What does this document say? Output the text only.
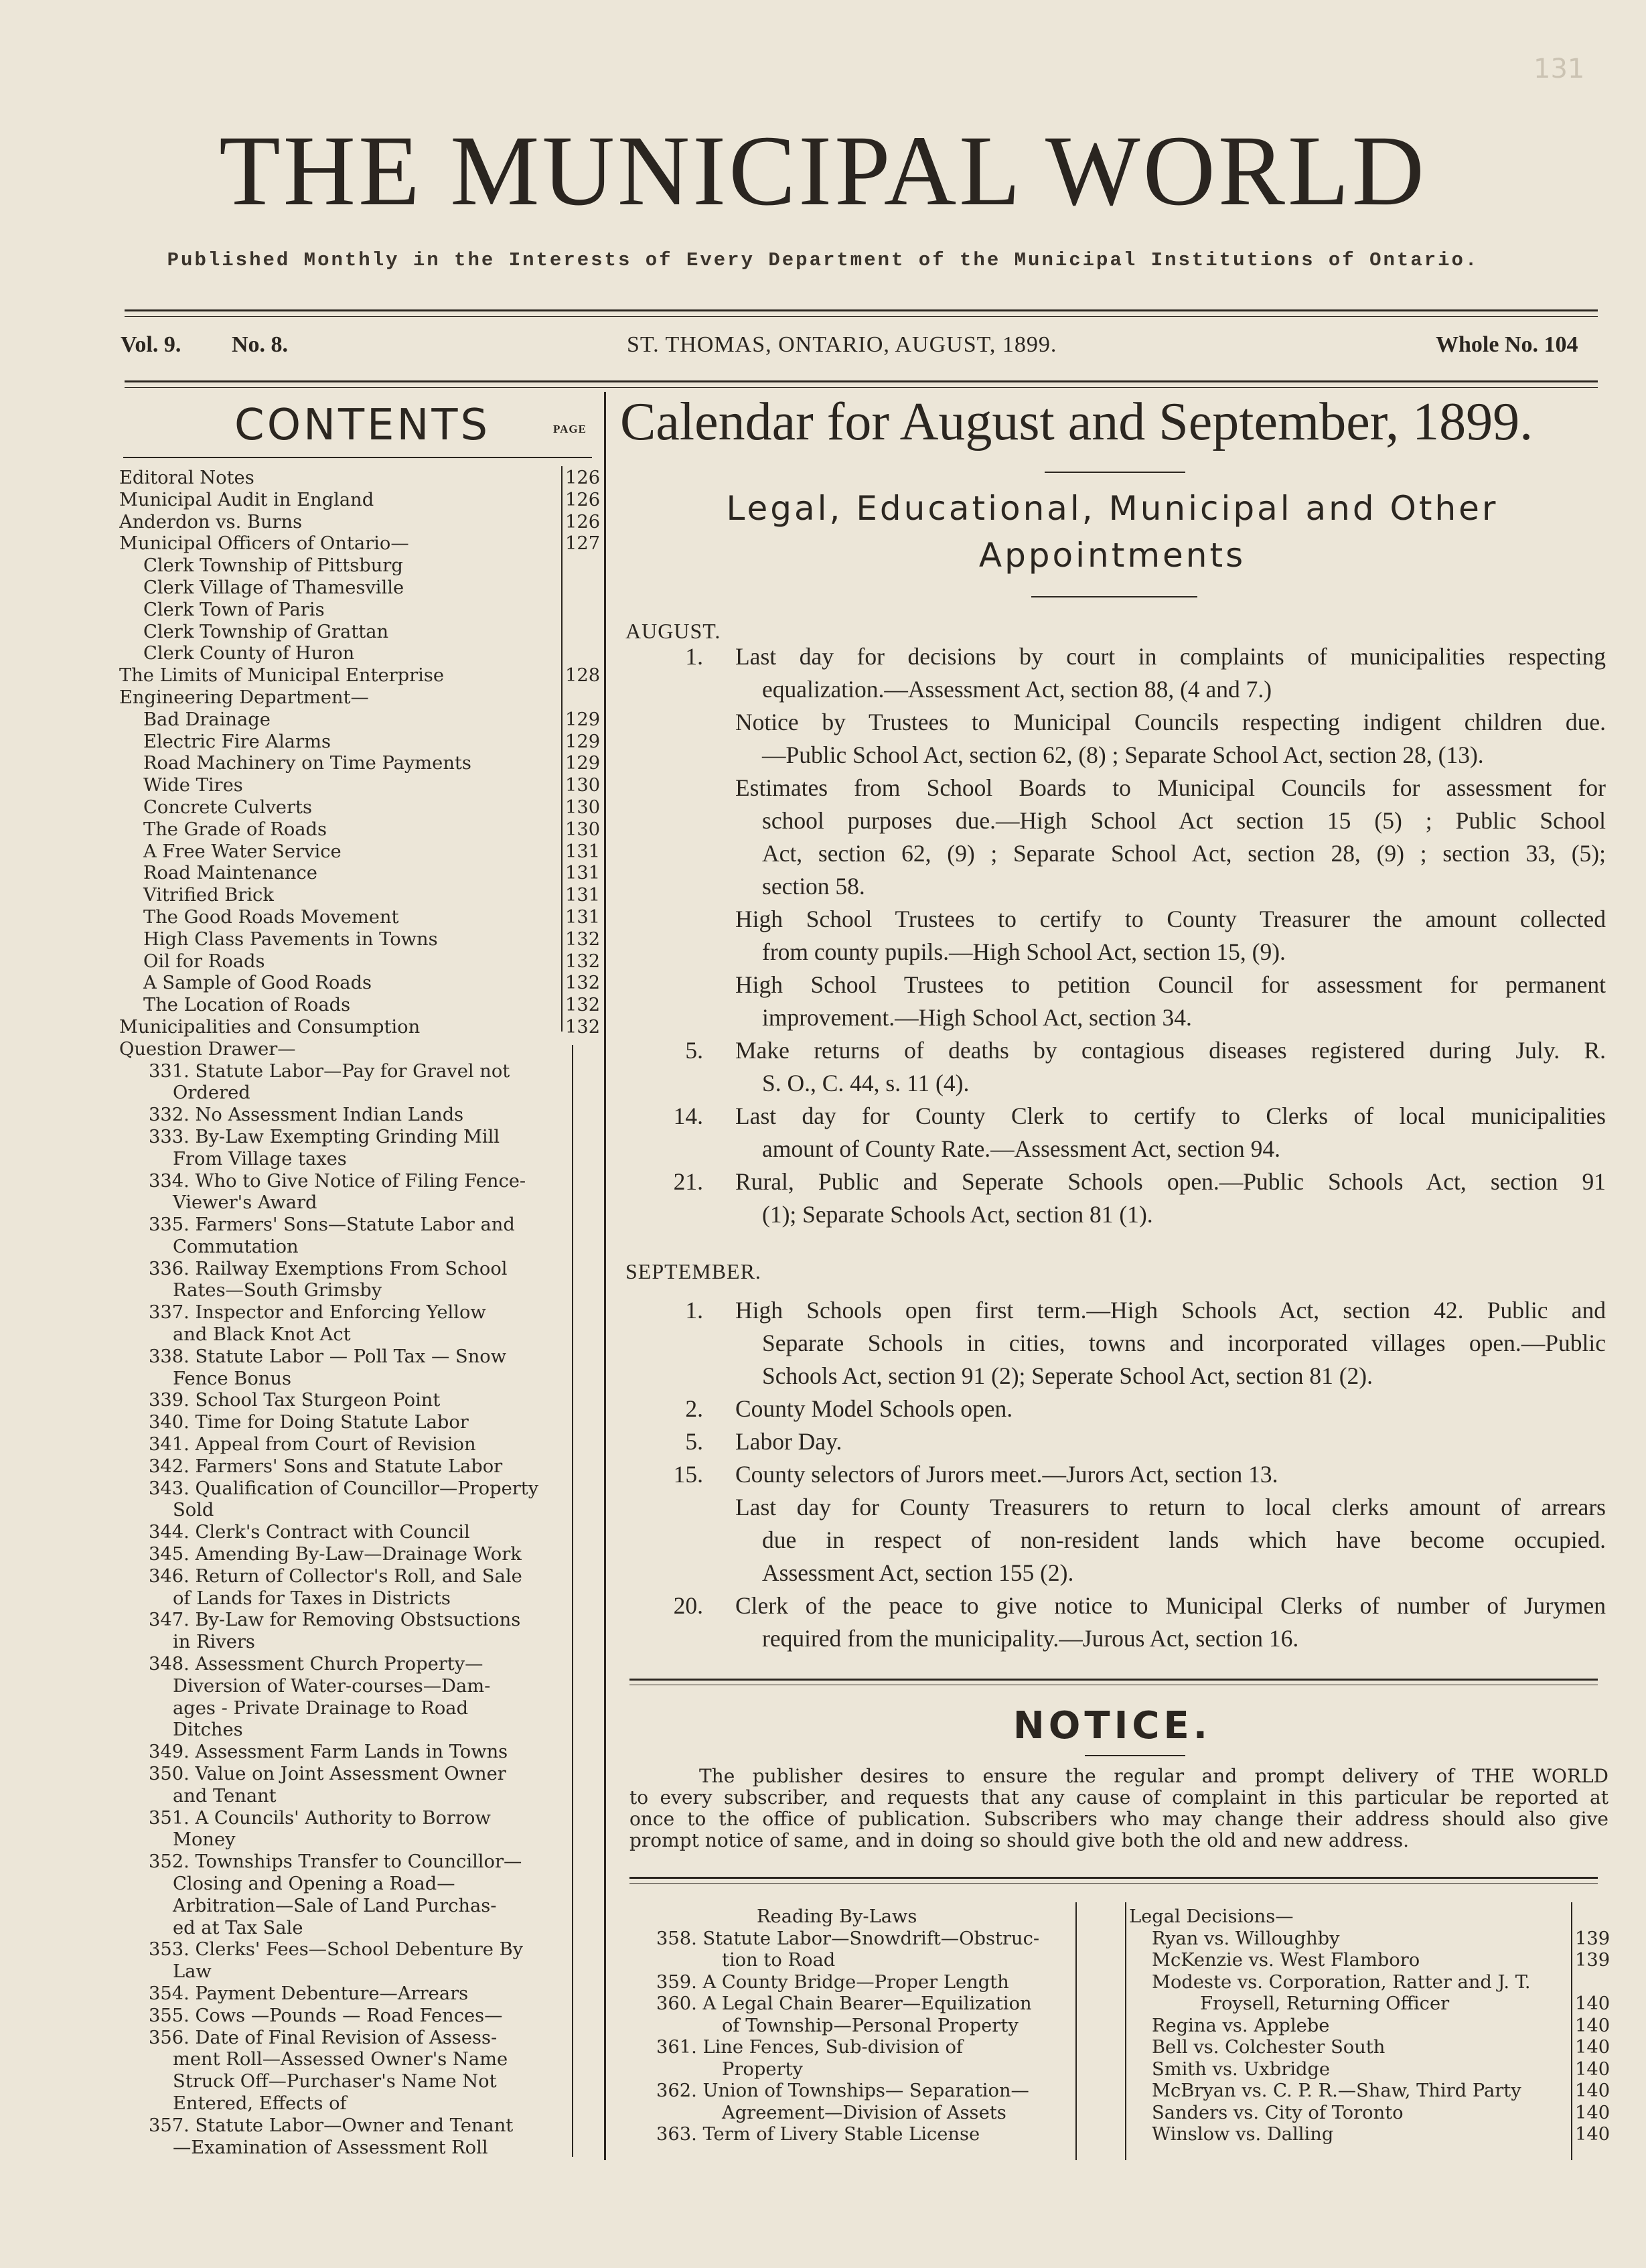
131
THE MUNICIPAL WORLD
Published Monthly in the Interests of Every Department of the Municipal Institutions of Ontario.
Vol. 9. No. 8.	ST. THOMAS, ONTARIO, AUGUST, 1899.	Whole No. 104
CONTENTS	PAGE
Editoral Notes	126
Municipal Audit in England	126
Anderdon vs. Burns	126
Municipal Officers of Ontario—	127
Clerk Township of Pittsburg
Clerk Village of Thamesville
Clerk Town of Paris
Clerk Township of Grattan
Clerk County of Huron
The Limits of Municipal Enterprise	128
Engineering Department—
Bad Drainage	129
Electric Fire Alarms	129
Road Machinery on Time Payments	129
Wide Tires	130
Concrete Culverts	130
The Grade of Roads	130
A Free Water Service	131
Road Maintenance	131
Vitrified Brick	131
The Good Roads Movement	131
High Class Pavements in Towns	132
Oil for Roads	132
A Sample of Good Roads	132
The Location of Roads	132
Municipalities and Consumption	132
Question Drawer—
331. Statute Labor—Pay for Gravel not
Ordered
332. No Assessment Indian Lands
333. By-Law Exempting Grinding Mill
From Village taxes
334. Who to Give Notice of Filing Fence-
Viewer's Award
335. Farmers' Sons—Statute Labor and
Commutation
336. Railway Exemptions From School
Rates—South Grimsby
337. Inspector and Enforcing Yellow
and Black Knot Act
338. Statute Labor — Poll Tax — Snow
Fence Bonus
339. School Tax Sturgeon Point
340. Time for Doing Statute Labor
341. Appeal from Court of Revision
342. Farmers' Sons and Statute Labor
343. Qualification of Councillor—Property
Sold
344. Clerk's Contract with Council
345. Amending By-Law—Drainage Work
346. Return of Collector's Roll, and Sale
of Lands for Taxes in Districts
347. By-Law for Removing Obstsuctions
in Rivers
348. Assessment Church Property—
Diversion of Water-courses—Dam-
ages - Private Drainage to Road
Ditches
349. Assessment Farm Lands in Towns
350. Value on Joint Assessment Owner
and Tenant
351. A Councils' Authority to Borrow
Money
352. Townships Transfer to Councillor—
Closing and Opening a Road—
Arbitration—Sale of Land Purchas-
ed at Tax Sale
353. Clerks' Fees—School Debenture By
Law
354. Payment Debenture—Arrears
355. Cows —Pounds — Road Fences—
356. Date of Final Revision of Assess-
ment Roll—Assessed Owner's Name
Struck Off—Purchaser's Name Not
Entered, Effects of
357. Statute Labor—Owner and Tenant
—Examination of Assessment Roll
Calendar for August and September, 1899.
Legal, Educational, Municipal and Other
Appointments
AUGUST.
1. Last day for decisions by court in complaints of municipalities respecting
equalization.—Assessment Act, section 88, (4 and 7.)
Notice by Trustees to Municipal Councils respecting indigent children due.
—Public School Act, section 62, (8) ; Separate School Act, section 28, (13).
Estimates from School Boards to Municipal Councils for assessment for
school purposes due.—High School Act section 15 (5) ; Public School
Act, section 62, (9) ; Separate School Act, section 28, (9) ; section 33, (5);
section 58.
High School Trustees to certify to County Treasurer the amount collected
from county pupils.—High School Act, section 15, (9).
High School Trustees to petition Council for assessment for permanent
improvement.—High School Act, section 34.
5. Make returns of deaths by contagious diseases registered during July. R.
S. O., C. 44, s. 11 (4).
14. Last day for County Clerk to certify to Clerks of local municipalities
amount of County Rate.—Assessment Act, section 94.
21. Rural, Public and Seperate Schools open.—Public Schools Act, section 91
(1); Separate Schools Act, section 81 (1).
SEPTEMBER.
1. High Schools open first term.—High Schools Act, section 42. Public and
Separate Schools in cities, towns and incorporated villages open.—Public
Schools Act, section 91 (2); Seperate School Act, section 81 (2).
2. County Model Schools open.
5. Labor Day.
15. County selectors of Jurors meet.—Jurors Act, section 13.
Last day for County Treasurers to return to local clerks amount of arrears
due in respect of non-resident lands which have become occupied.
Assessment Act, section 155 (2).
20. Clerk of the peace to give notice to Municipal Clerks of number of Jurymen
required from the municipality.—Jurous Act, section 16.
NOTICE.
The publisher desires to ensure the regular and prompt delivery of THE WORLD
to every subscriber, and requests that any cause of complaint in this particular be reported at
once to the office of publication. Subscribers who may change their address should also give
prompt notice of same, and in doing so should give both the old and new address.
Reading By-Laws
358. Statute Labor—Snowdrift—Obstruc-
tion to Road
359. A County Bridge—Proper Length
360. A Legal Chain Bearer—Equilization
of Township—Personal Property
361. Line Fences, Sub-division of
Property
362. Union of Townships— Separation—
Agreement—Division of Assets
363. Term of Livery Stable License
Legal Decisions—
Ryan vs. Willoughby	139
McKenzie vs. West Flamboro	139
Modeste vs. Corporation, Ratter and J. T.
Froysell, Returning Officer	140
Regina vs. Applebe	140
Bell vs. Colchester South	140
Smith vs. Uxbridge	140
McBryan vs. C. P. R.—Shaw, Third Party	140
Sanders vs. City of Toronto	140
Winslow vs. Dalling	140
